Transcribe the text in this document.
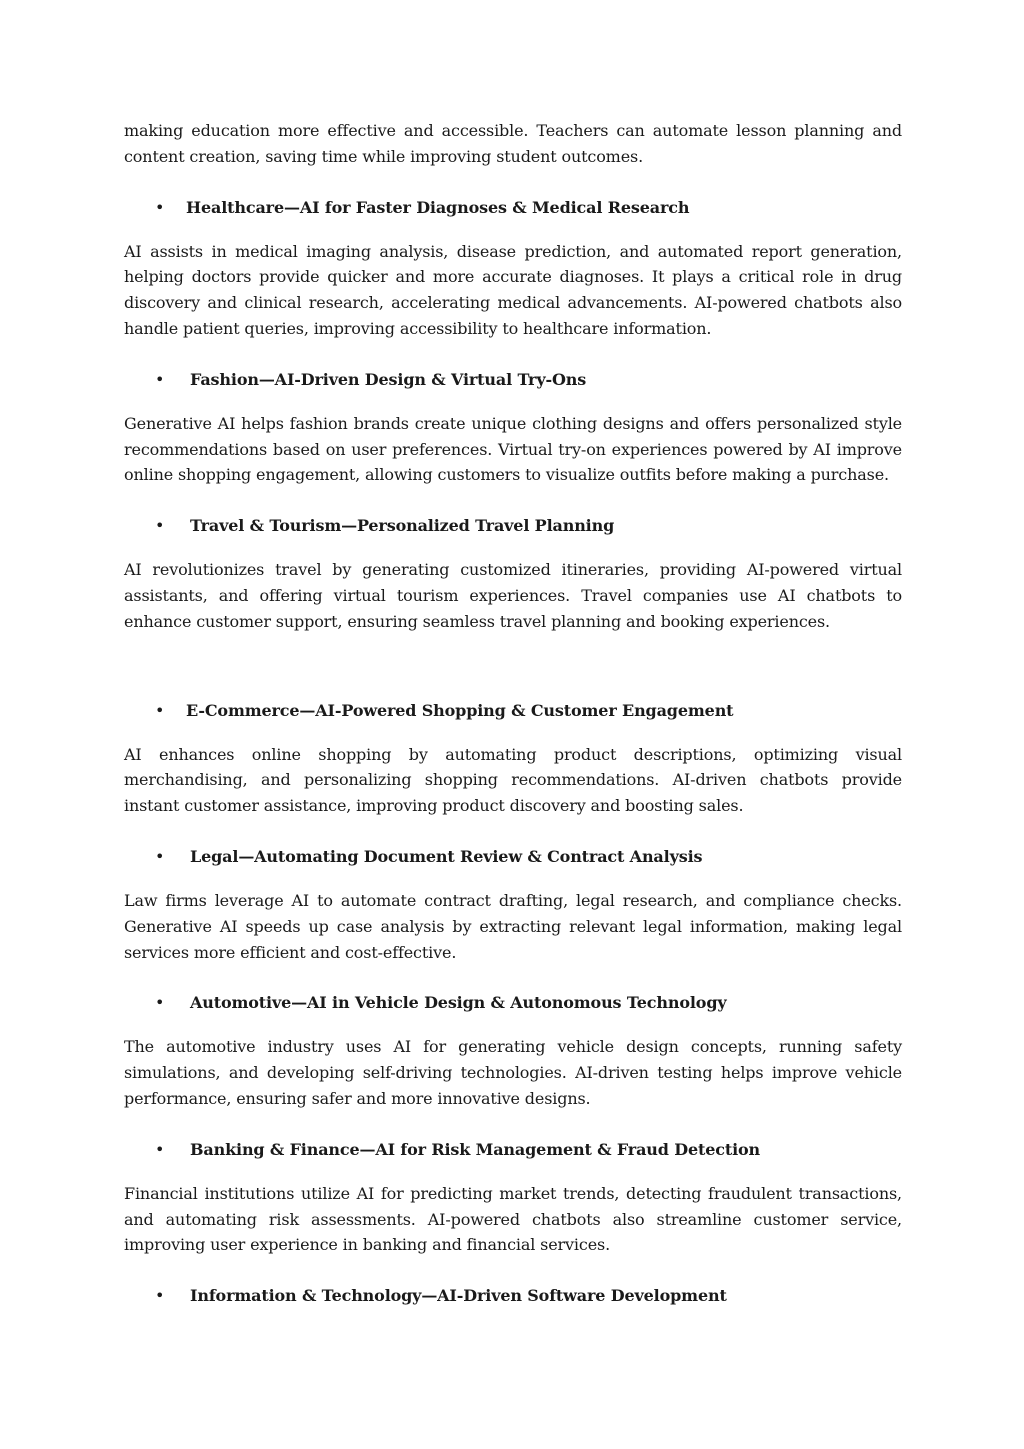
making education more effective and accessible. Teachers can automate lesson planning and content creation, saving time while improving student outcomes.

• Healthcare—AI for Faster Diagnoses & Medical Research

AI assists in medical imaging analysis, disease prediction, and automated report generation, helping doctors provide quicker and more accurate diagnoses. It plays a critical role in drug discovery and clinical research, accelerating medical advancements. AI-powered chatbots also handle patient queries, improving accessibility to healthcare information.

• Fashion—AI-Driven Design & Virtual Try-Ons

Generative AI helps fashion brands create unique clothing designs and offers personalized style recommendations based on user preferences. Virtual try-on experiences powered by AI improve online shopping engagement, allowing customers to visualize outfits before making a purchase.

• Travel & Tourism—Personalized Travel Planning

AI revolutionizes travel by generating customized itineraries, providing AI-powered virtual assistants, and offering virtual tourism experiences. Travel companies use AI chatbots to enhance customer support, ensuring seamless travel planning and booking experiences.

• E-Commerce—AI-Powered Shopping & Customer Engagement

AI enhances online shopping by automating product descriptions, optimizing visual merchandising, and personalizing shopping recommendations. AI-driven chatbots provide instant customer assistance, improving product discovery and boosting sales.

• Legal—Automating Document Review & Contract Analysis

Law firms leverage AI to automate contract drafting, legal research, and compliance checks. Generative AI speeds up case analysis by extracting relevant legal information, making legal services more efficient and cost-effective.

• Automotive—AI in Vehicle Design & Autonomous Technology

The automotive industry uses AI for generating vehicle design concepts, running safety simulations, and developing self-driving technologies. AI-driven testing helps improve vehicle performance, ensuring safer and more innovative designs.

• Banking & Finance—AI for Risk Management & Fraud Detection

Financial institutions utilize AI for predicting market trends, detecting fraudulent transactions, and automating risk assessments. AI-powered chatbots also streamline customer service, improving user experience in banking and financial services.

• Information & Technology—AI-Driven Software Development
